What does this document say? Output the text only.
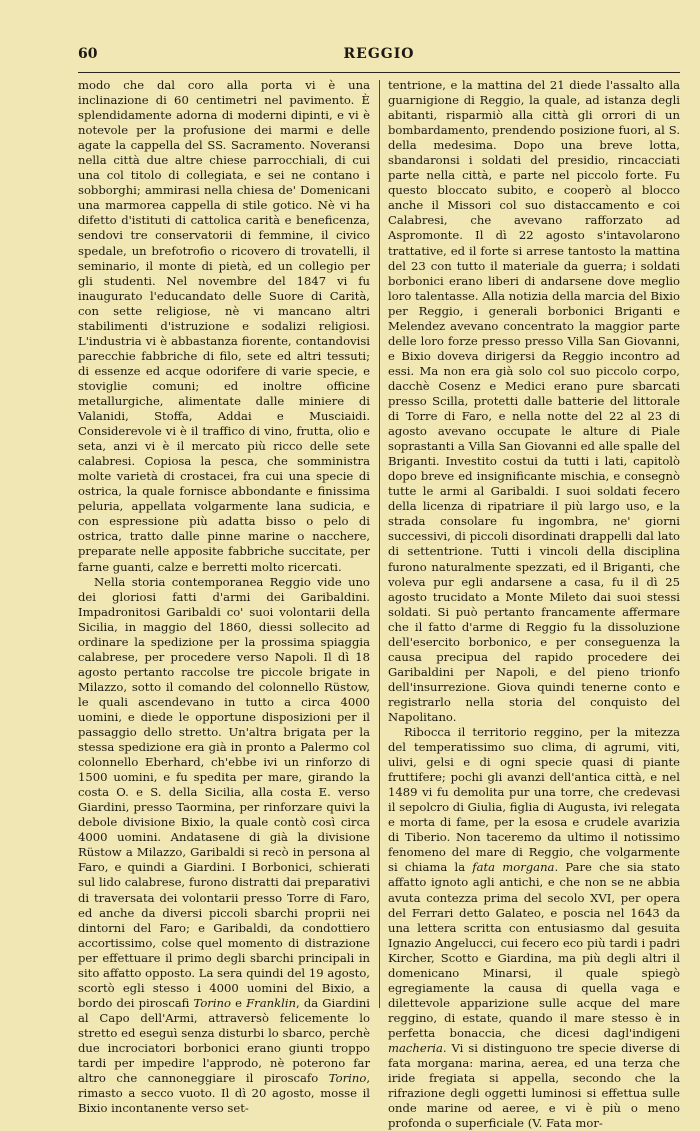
60	REGGIO

modo che dal coro alla porta vi è una inclinazione di 60 centimetri nel pavimento. È splendidamente adorna di moderni dipinti, e vi è notevole per la profusione dei marmi e delle agate la cappella del SS. Sacramento. Noveransi nella città due altre chiese parrocchiali, di cui una col titolo di collegiata, e sei ne contano i sobborghi; ammirasi nella chiesa de' Domenicani una marmorea cappella di stile gotico. Nè vi ha difetto d'istituti di cattolica carità e beneficenza, sendovi tre conservatorii di femmine, il civico spedale, un brefotrofio o ricovero di trovatelli, il seminario, il monte di pietà, ed un collegio per gli studenti. Nel novembre del 1847 vi fu inaugurato l'educandato delle Suore di Carità, con sette religiose, nè vi mancano altri stabilimenti d'istruzione e sodalizi religiosi. L'industria vi è abbastanza fiorente, contandovisi parecchie fabbriche di filo, sete ed altri tessuti; di essenze ed acque odorifere di varie specie, e stoviglie comuni; ed inoltre officine metallurgiche, alimentate dalle miniere di Valanidi, Stoffa, Addai e Musciaidi. Considerevole vi è il traffico di vino, frutta, olio e seta, anzi vi è il mercato più ricco delle sete calabresi. Copiosa la pesca, che somministra molte varietà di crostacei, fra cui una specie di ostrica, la quale fornisce abbondante e finissima peluria, appellata volgarmente lana sudicia, e con espressione più adatta bisso o pelo di ostrica, tratto dalle pinne marine o nacchere, preparate nelle apposite fabbriche succitate, per farne guanti, calze e berretti molto ricercati.

Nella storia contemporanea Reggio vide uno dei gloriosi fatti d'armi dei Garibaldini. Impadronitosi Garibaldi co' suoi volontarii della Sicilia, in maggio del 1860, diessi sollecito ad ordinare la spedizione per la prossima spiaggia calabrese, per procedere verso Napoli. Il dì 18 agosto pertanto raccolse tre piccole brigate in Milazzo, sotto il comando del colonnello Rüstow, le quali ascendevano in tutto a circa 4000 uomini, e diede le opportune disposizioni per il passaggio dello stretto. Un'altra brigata per la stessa spedizione era già in pronto a Palermo col colonnello Eberhard, ch'ebbe ivi un rinforzo di 1500 uomini, e fu spedita per mare, girando la costa O. e S. della Sicilia, alla costa E. verso Giardini, presso Taormina, per rinforzare quivi la debole divisione Bixio, la quale contò così circa 4000 uomini. Andatasene di già la divisione Rüstow a Milazzo, Garibaldi si recò in persona al Faro, e quindi a Giardini. I Borbonici, schierati sul lido calabrese, furono distratti dai preparativi di traversata dei volontarii presso Torre di Faro, ed anche da diversi piccoli sbarchi proprii nei dintorni del Faro; e Garibaldi, da condottiero accortissimo, colse quel momento di distrazione per effettuare il primo degli sbarchi principali in sito affatto opposto. La sera quindi del 19 agosto, scortò egli stesso i 4000 uomini del Bixio, a bordo dei piroscafi Torino e Franklin, da Giardini al Capo dell'Armi, attraversò felicemente lo stretto ed eseguì senza disturbi lo sbarco, perchè due incrociatori borbonici erano giunti troppo tardi per impedire l'approdo, nè poterono far altro che cannoneggiare il piroscafo Torino, rimasto a secco vuoto. Il dì 20 agosto, mosse il Bixio incontanente verso set-

tentrione, e la mattina del 21 diede l'assalto alla guarnigione di Reggio, la quale, ad istanza degli abitanti, risparmiò alla città gli orrori di un bombardamento, prendendo posizione fuori, al S. della medesima. Dopo una breve lotta, sbandaronsi i soldati del presidio, rincacciati parte nella città, e parte nel piccolo forte. Fu questo bloccato subito, e cooperò al blocco anche il Missori col suo distaccamento e coi Calabresi, che avevano rafforzato ad Aspromonte. Il dì 22 agosto s'intavolarono trattative, ed il forte si arrese tantosto la mattina del 23 con tutto il materiale da guerra; i soldati borbonici erano liberi di andarsene dove meglio loro talentasse. Alla notizia della marcia del Bixio per Reggio, i generali borbonici Briganti e Melendez avevano concentrato la maggior parte delle loro forze presso presso Villa San Giovanni, e Bixio doveva dirigersi da Reggio incontro ad essi. Ma non era già solo col suo piccolo corpo, dacchè Cosenz e Medici erano pure sbarcati presso Scilla, protetti dalle batterie del littorale di Torre di Faro, e nella notte del 22 al 23 di agosto avevano occupate le alture di Piale soprastanti a Villa San Giovanni ed alle spalle del Briganti. Investito costui da tutti i lati, capitolò dopo breve ed insignificante mischia, e consegnò tutte le armi al Garibaldi. I suoi soldati fecero della licenza di ripatriare il più largo uso, e la strada consolare fu ingombra, ne' giorni successivi, di piccoli disordinati drappelli dal lato di settentrione. Tutti i vincoli della disciplina furono naturalmente spezzati, ed il Briganti, che voleva pur egli andarsene a casa, fu il dì 25 agosto trucidato a Monte Mileto dai suoi stessi soldati. Si può pertanto francamente affermare che il fatto d'arme di Reggio fu la dissoluzione dell'esercito borbonico, e per conseguenza la causa precipua del rapido procedere dei Garibaldini per Napoli, e del pieno trionfo dell'insurrezione. Giova quindi tenerne conto e registrarlo nella storia del conquisto del Napolitano.

Ribocca il territorio reggino, per la mitezza del temperatissimo suo clima, di agrumi, viti, ulivi, gelsi e di ogni specie quasi di piante fruttifere; pochi gli avanzi dell'antica città, e nel 1489 vi fu demolita pur una torre, che credevasi il sepolcro di Giulia, figlia di Augusta, ivi relegata e morta di fame, per la esosa e crudele avarizia di Tiberio. Non taceremo da ultimo il notissimo fenomeno del mare di Reggio, che volgarmente si chiama la fata morgana. Pare che sia stato affatto ignoto agli antichi, e che non se ne abbia avuta contezza prima del secolo XVI, per opera del Ferrari detto Galateo, e poscia nel 1643 da una lettera scritta con entusiasmo dal gesuita Ignazio Angelucci, cui fecero eco più tardi i padri Kircher, Scotto e Giardina, ma più degli altri il domenicano Minarsi, il quale spiegò egregiamente la causa di quella vaga e dilettevole apparizione sulle acque del mare reggino, di estate, quando il mare stesso è in perfetta bonaccia, che dicesi dagl'indigeni macheria. Vi si distinguono tre specie diverse di fata morgana: marina, aerea, ed una terza che iride fregiata si appella, secondo che la rifrazione degli oggetti luminosi si effettua sulle onde marine od aeree, e vi è più o meno profonda o superficiale (V. Fata mor-
